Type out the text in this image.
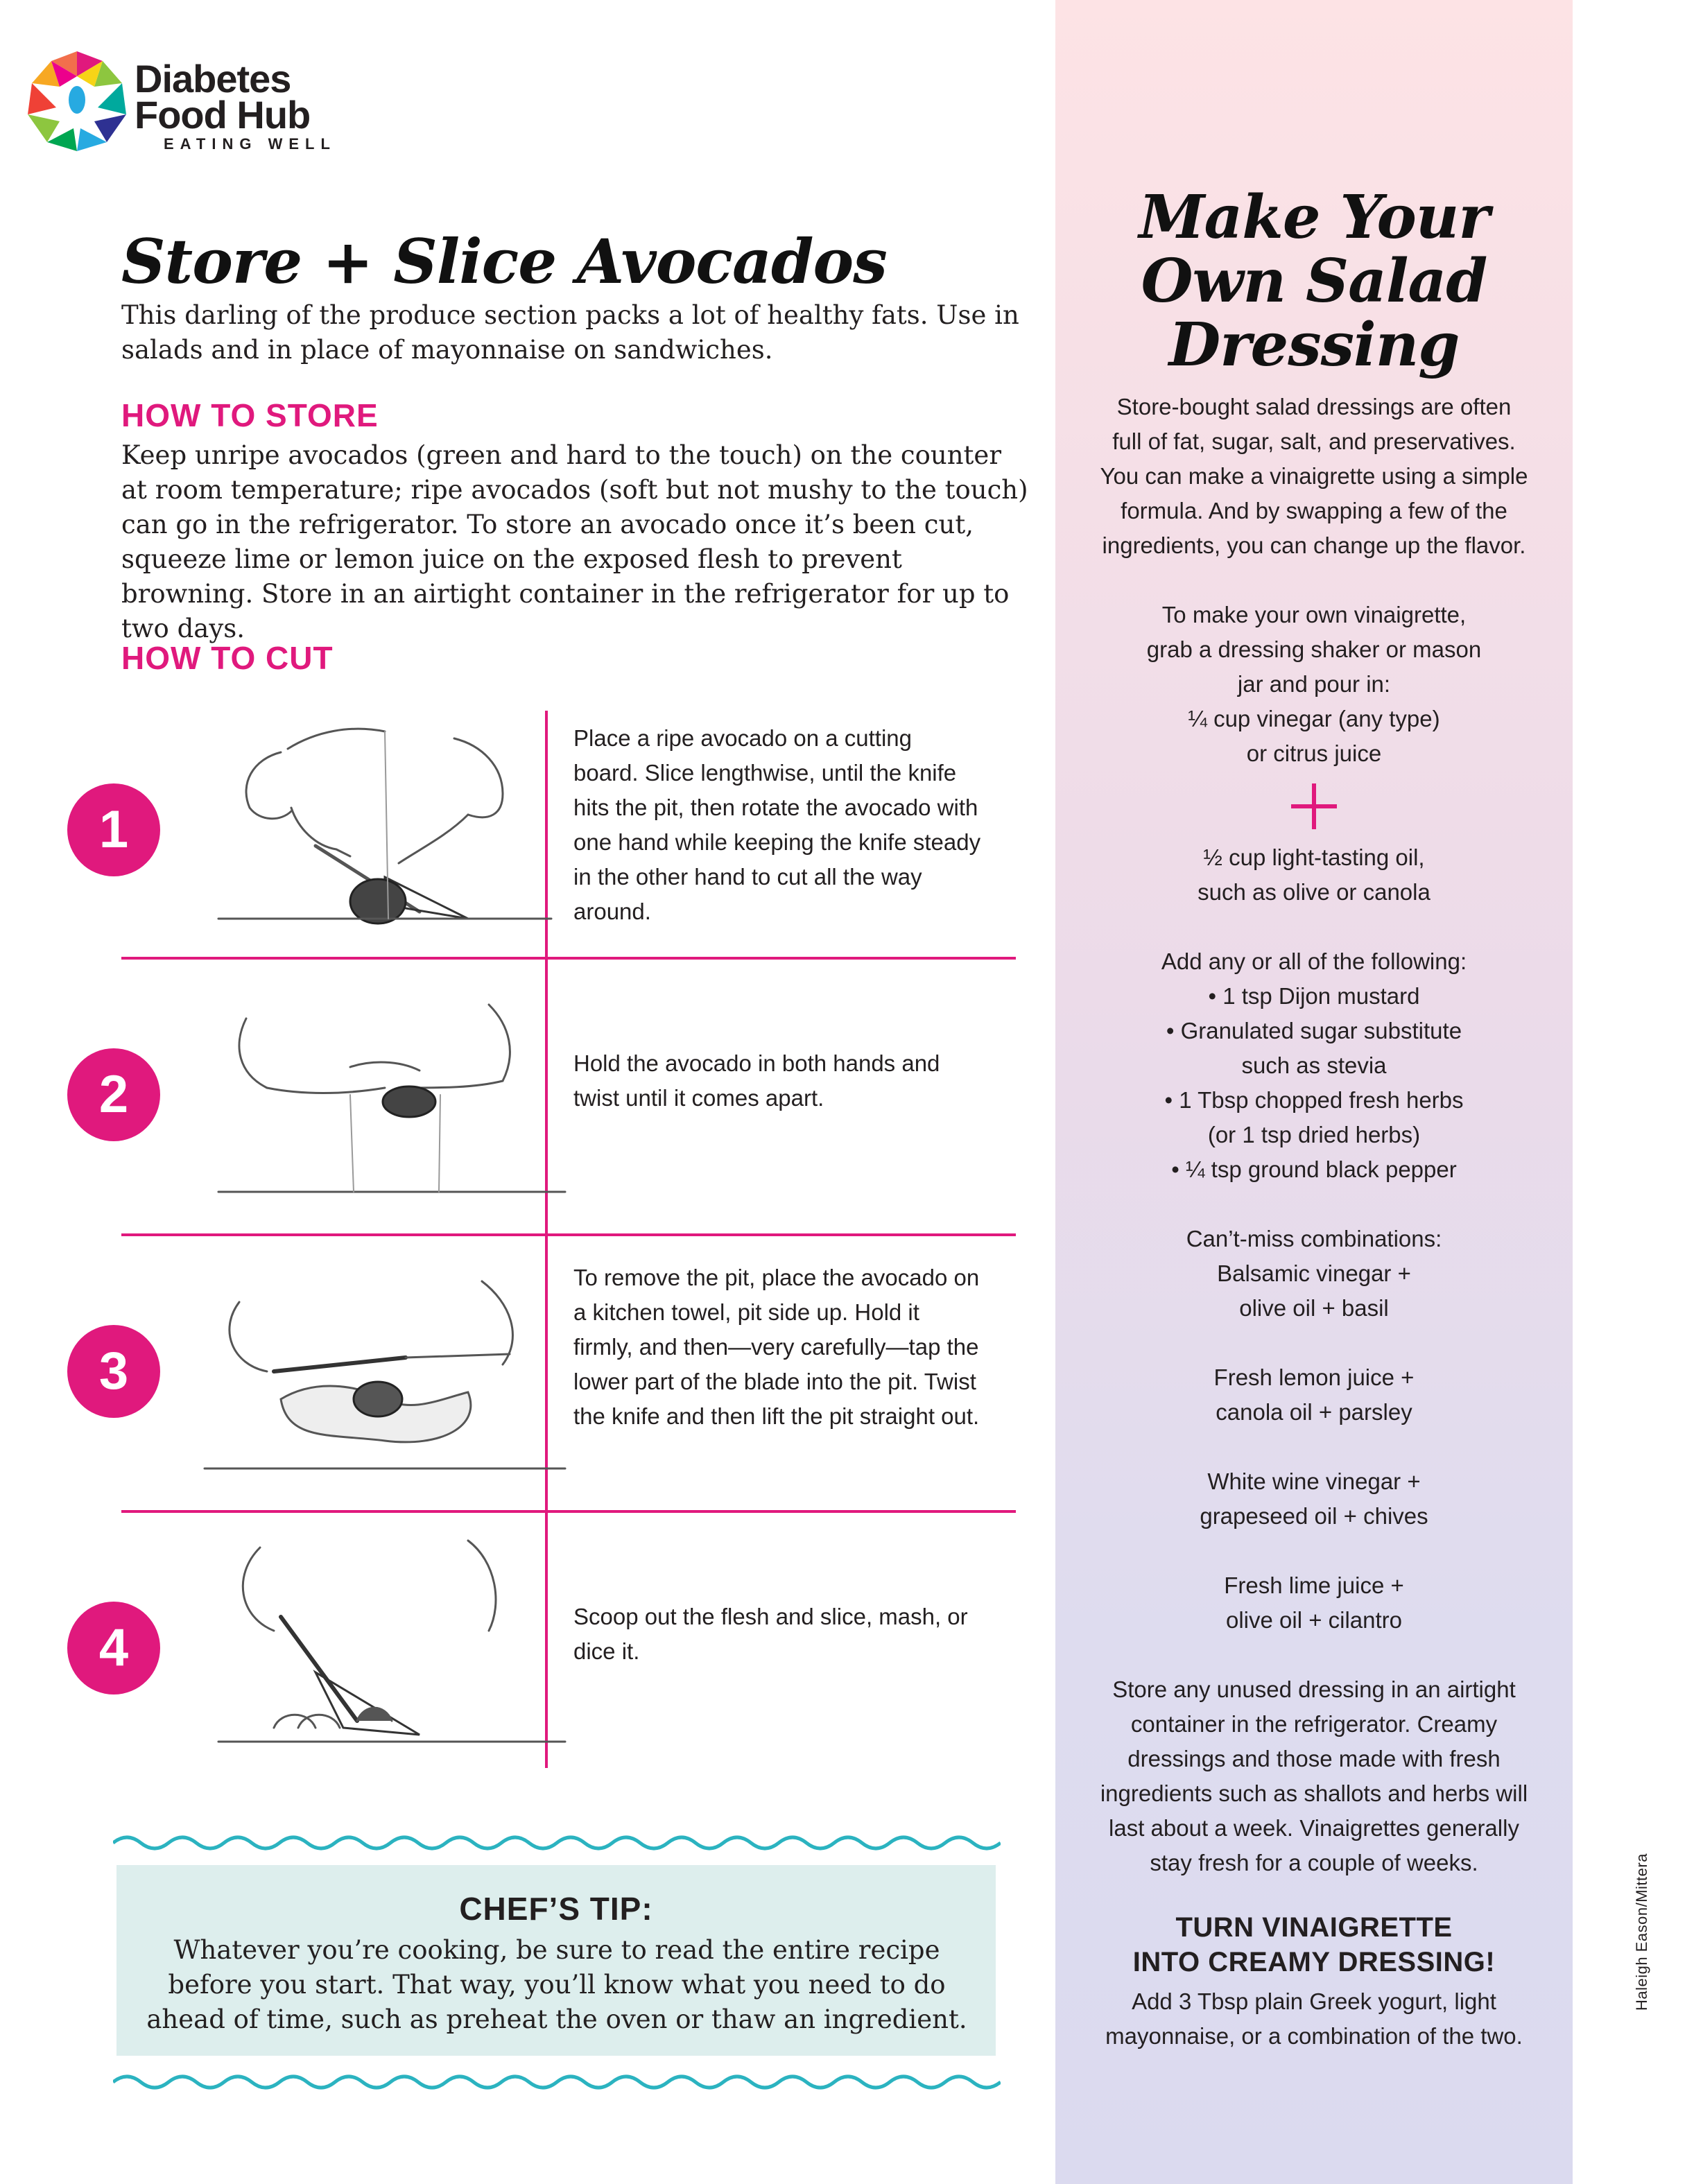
Diabetes
Food Hub
EATING WELL
Store + Slice Avocados

This darling of the produce section packs a lot of healthy fats. Use in salads and in place of mayonnaise on sandwiches.

HOW TO STORE

Keep unripe avocados (green and hard to the touch) on the counter at room temperature; ripe avocados (soft but not mushy to the touch) can go in the refrigerator. To store an avocado once it’s been cut, squeeze lime or lemon juice on the exposed flesh to prevent browning. Store in an airtight container in the refrigerator for up to two days.

HOW TO CUT
1

Place a ripe avocado on a cutting board. Slice lengthwise, until the knife hits the pit, then rotate the avocado with one hand while keeping the knife steady in the other hand to cut all the way around.

2

Hold the avocado in both hands and twist until it comes apart.

3

To remove the pit, place the avocado on a kitchen towel, pit side up. Hold it firmly, and then—very carefully—tap the lower part of the blade into the pit. Twist the knife and then lift the pit straight out.

4

Scoop out the flesh and slice, mash, or dice it.

CHEF’S TIP:

Whatever you’re cooking, be sure to read the entire recipe before you start. That way, you’ll know what you need to do ahead of time, such as preheat the oven or thaw an ingredient.

Make Your
Own Salad
Dressing

Store-bought salad dressings are often
full of fat, sugar, salt, and preservatives.
You can make a vinaigrette using a simple
formula. And by swapping a few of the
ingredients, you can change up the flavor.

To make your own vinaigrette,
grab a dressing shaker or mason
jar and pour in:
¼ cup vinegar (any type)
or citrus juice

½ cup light-tasting oil,
such as olive or canola

Add any or all of the following:
• 1 tsp Dijon mustard
• Granulated sugar substitute
such as stevia
• 1 Tbsp chopped fresh herbs
(or 1 tsp dried herbs)
• ¼ tsp ground black pepper

Can’t-miss combinations:
Balsamic vinegar +
olive oil + basil

Fresh lemon juice +
canola oil + parsley

White wine vinegar +
grapeseed oil + chives

Fresh lime juice +
olive oil + cilantro

Store any unused dressing in an airtight
container in the refrigerator. Creamy
dressings and those made with fresh
ingredients such as shallots and herbs will
last about a week. Vinaigrettes generally
stay fresh for a couple of weeks.

TURN VINAIGRETTE
INTO CREAMY DRESSING!

Add 3 Tbsp plain Greek yogurt, light
mayonnaise, or a combination of the two.

Haleigh Eason/Mittera
